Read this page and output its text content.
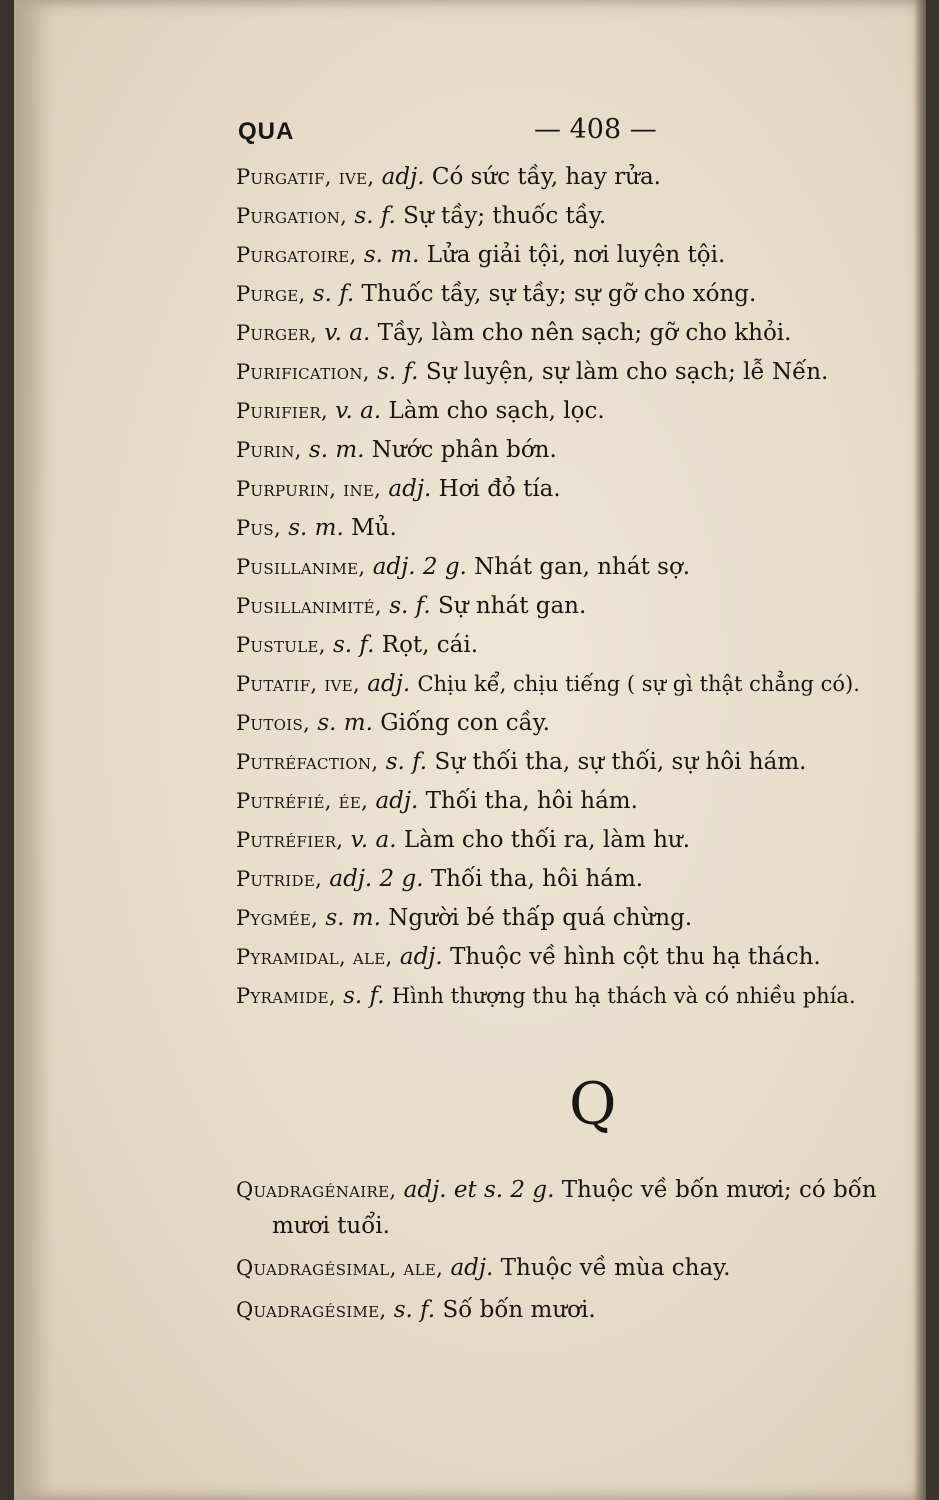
QUA	— 408 —
Purgatif, ive, adj. Có sức tầy, hay rửa.
Purgation, s. f. Sự tầy; thuốc tầy.
Purgatoire, s. m. Lửa giải tội, nơi luyện tội.
Purge, s. f. Thuốc tầy, sự tầy; sự gỡ cho xóng.
Purger, v. a. Tầy, làm cho nên sạch; gỡ cho khỏi.
Purification, s. f. Sự luyện, sự làm cho sạch; lễ Nến.
Purifier, v. a. Làm cho sạch, lọc.
Purin, s. m. Nước phân bớn.
Purpurin, ine, adj. Hơi đỏ tía.
Pus, s. m. Mủ.
Pusillanime, adj. 2 g. Nhát gan, nhát sợ.
Pusillanimité, s. f. Sự nhát gan.
Pustule, s. f. Rọt, cái.
Putatif, ive, adj. Chịu kể, chịu tiếng ( sự gì thật chẳng có).
Putois, s. m. Giống con cầy.
Putréfaction, s. f. Sự thối tha, sự thối, sự hôi hám.
Putréfié, ée, adj. Thối tha, hôi hám.
Putréfier, v. a. Làm cho thối ra, làm hư.
Putride, adj. 2 g. Thối tha, hôi hám.
Pygmée, s. m. Người bé thấp quá chừng.
Pyramidal, ale, adj. Thuộc về hình cột thu hạ thách.
Pyramide, s. f. Hình thượng thu hạ thách và có nhiều phía.
Q
Quadragénaire, adj. et s. 2 g. Thuộc về bốn mươi; có bốn
mươi tuổi.
Quadragésimal, ale, adj. Thuộc về mùa chay.
Quadragésime, s. f. Số bốn mươi.
